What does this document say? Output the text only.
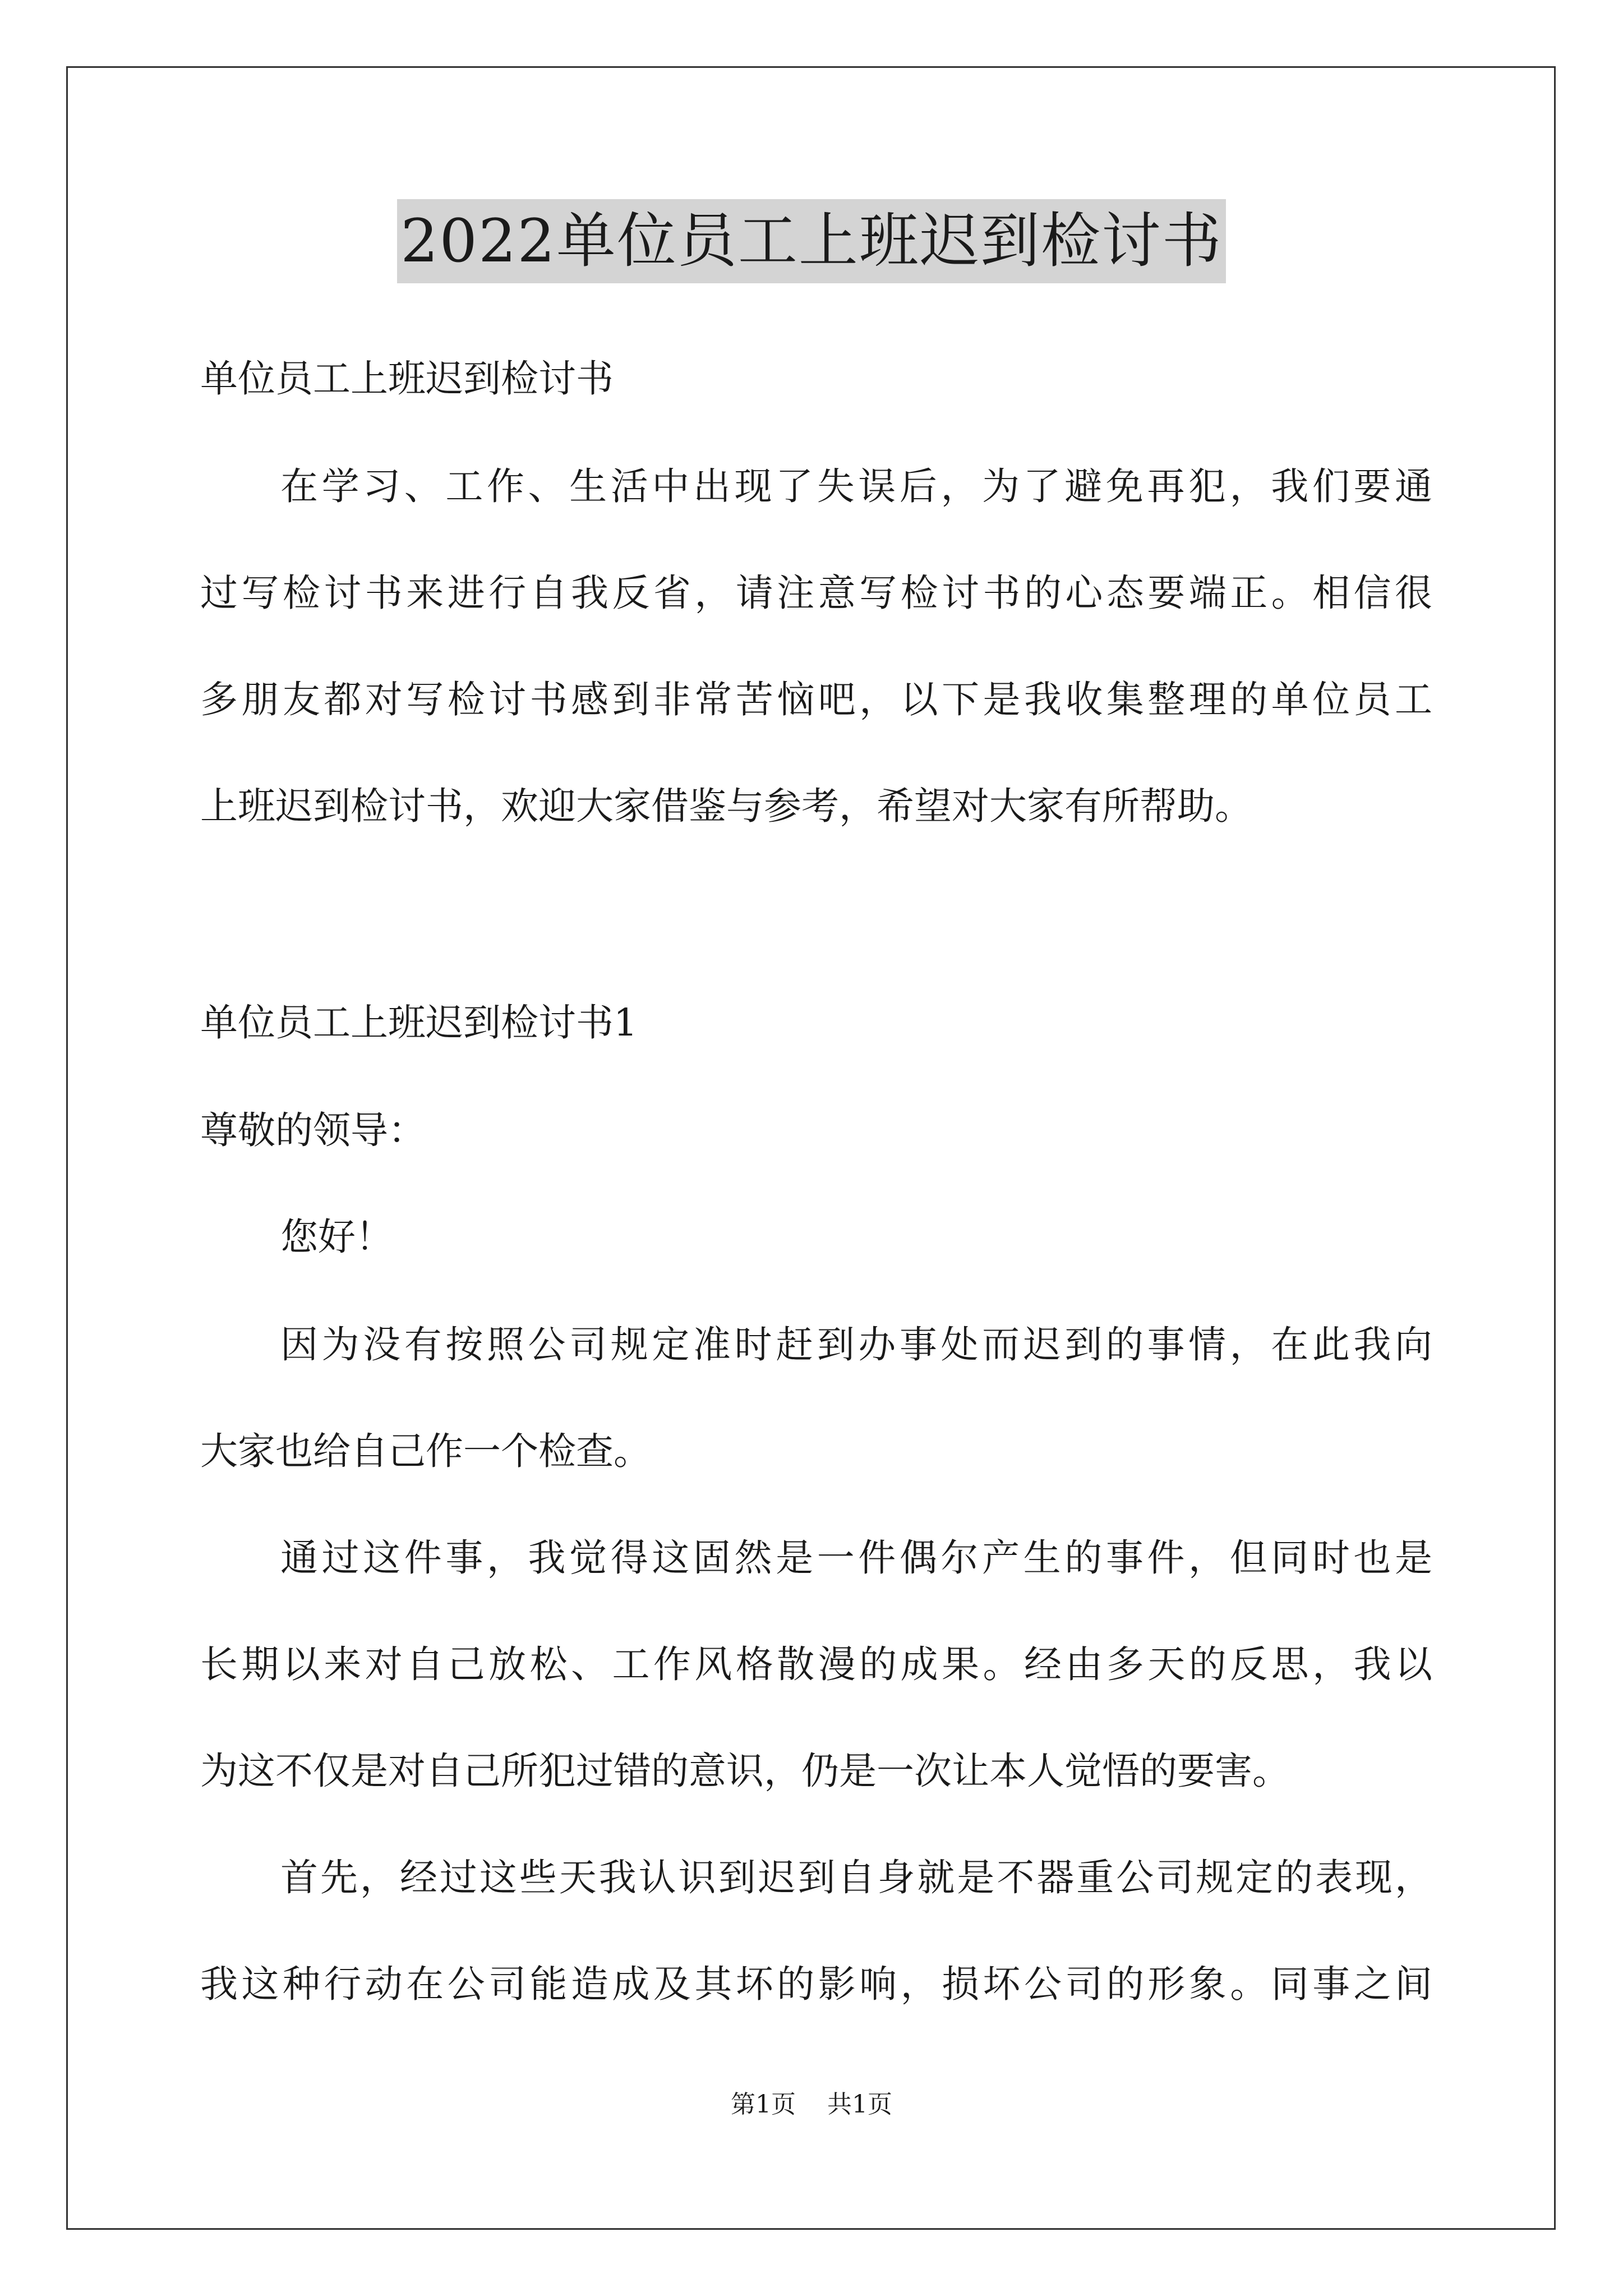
2022单位员工上班迟到检讨书
单位员工上班迟到检讨书
在学习、工作、生活中出现了失误后，为了避免再犯，我们要通
过写检讨书来进行自我反省，请注意写检讨书的心态要端正。相信很
多朋友都对写检讨书感到非常苦恼吧，以下是我收集整理的单位员工
上班迟到检讨书，欢迎大家借鉴与参考，希望对大家有所帮助。
单位员工上班迟到检讨书1
尊敬的领导：
您好！
因为没有按照公司规定准时赶到办事处而迟到的事情，在此我向
大家也给自己作一个检查。
通过这件事，我觉得这固然是一件偶尔产生的事件，但同时也是
长期以来对自己放松、工作风格散漫的成果。经由多天的反思，我以
为这不仅是对自己所犯过错的意识，仍是一次让本人觉悟的要害。
首先，经过这些天我认识到迟到自身就是不器重公司规定的表现，
我这种行动在公司能造成及其坏的影响，损坏公司的形象。同事之间
第1页 共1页
